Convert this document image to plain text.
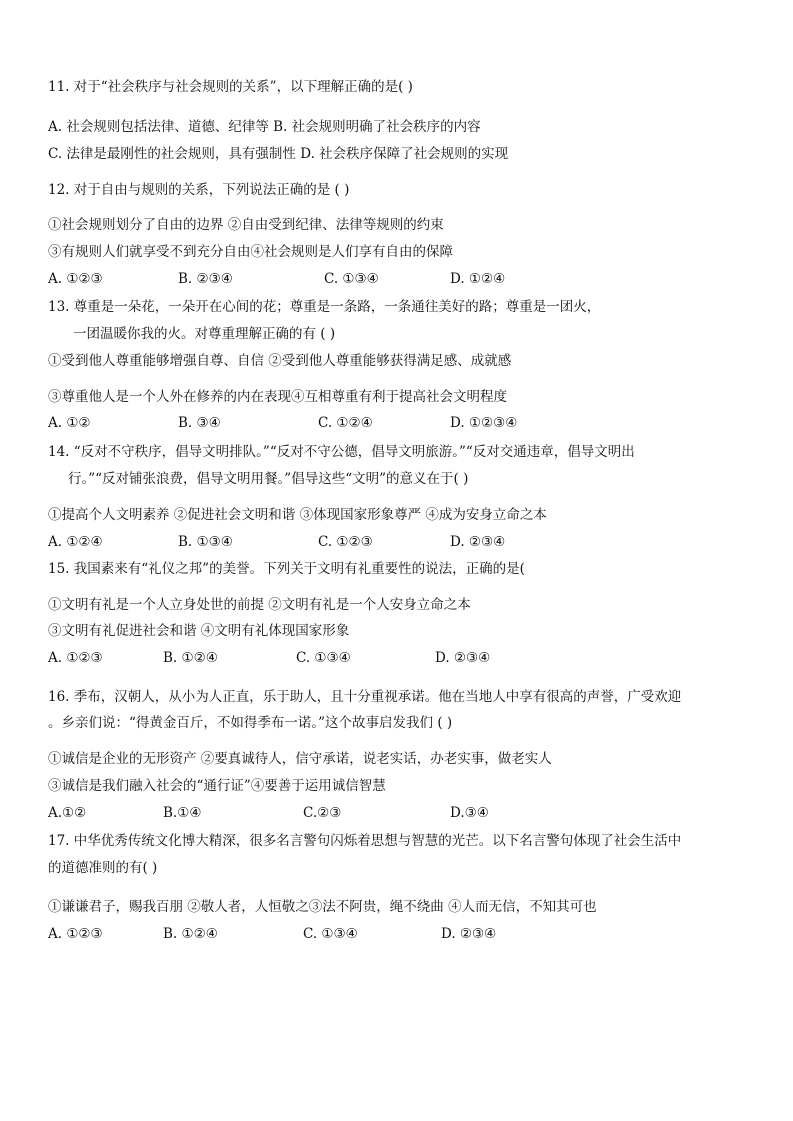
11. 对于“社会秩序与社会规则的关系”，以下理解正确的是( )
A. 社会规则包括法律、道德、纪律等 B. 社会规则明确了社会秩序的内容
C. 法律是最刚性的社会规则，具有强制性 D. 社会秩序保障了社会规则的实现
12. 对于自由与规则的关系，下列说法正确的是 ( )
①社会规则划分了自由的边界 ②自由受到纪律、法律等规则的约束
③有规则人们就享受不到充分自由④社会规则是人们享有自由的保障
A. ①②③	B. ②③④	C. ①③④	D. ①②④
13. 尊重是一朵花，一朵开在心间的花；尊重是一条路，一条通往美好的路；尊重是一团火，
一团温暖你我的火。对尊重理解正确的有 ( )
①受到他人尊重能够增强自尊、自信 ②受到他人尊重能够获得满足感、成就感
③尊重他人是一个人外在修养的内在表现④互相尊重有利于提高社会文明程度
A. ①②	B. ③④	C. ①②④	D. ①②③④
14. “反对不守秩序，倡导文明排队。”“反对不守公德，倡导文明旅游。”“反对交通违章，倡导文明出
行。”“反对铺张浪费，倡导文明用餐。”倡导这些“文明”的意义在于( )
①提高个人文明素养 ②促进社会文明和谐 ③体现国家形象尊严 ④成为安身立命之本
A. ①②④	B. ①③④	C. ①②③	D. ②③④
15. 我国素来有“礼仪之邦”的美誉。下列关于文明有礼重要性的说法，正确的是(
①文明有礼是一个人立身处世的前提 ②文明有礼是一个人安身立命之本
③文明有礼促进社会和谐 ④文明有礼体现国家形象
A. ①②③	B. ①②④	C. ①③④	D. ②③④
16. 季布，汉朝人，从小为人正直，乐于助人，且十分重视承诺。他在当地人中享有很高的声誉，广受欢迎
。乡亲们说：“得黄金百斤，不如得季布一诺。”这个故事启发我们 ( )
①诚信是企业的无形资产 ②要真诚待人，信守承诺，说老实话，办老实事，做老实人
③诚信是我们融入社会的“通行证”④要善于运用诚信智慧
A.①②	B.①④	C.②③	D.③④
17. 中华优秀传统文化博大精深，很多名言警句闪烁着思想与智慧的光芒。以下名言警句体现了社会生活中
的道德准则的有( )
①谦谦君子，赐我百朋 ②敬人者，人恒敬之③法不阿贵，绳不绕曲 ④人而无信，不知其可也
A. ①②③	B. ①②④	C. ①③④	D. ②③④
